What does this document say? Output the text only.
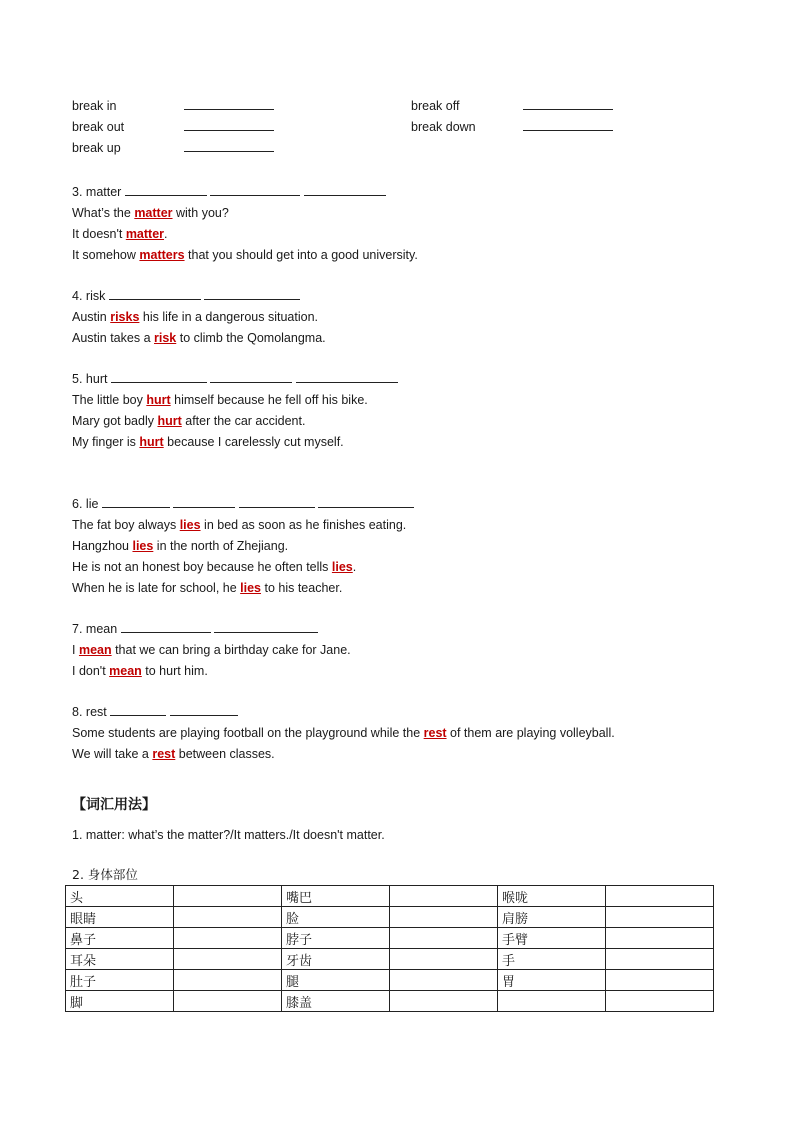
break in	break off
break out	break down
break up
3. matter
What’s the matter with you?
It doesn't matter.
It somehow matters that you should get into a good university.
4. risk
Austin risks his life in a dangerous situation.
Austin takes a risk to climb the Qomolangma.
5. hurt
The little boy hurt himself because he fell off his bike.
Mary got badly hurt after the car accident.
My finger is hurt because I carelessly cut myself.
6. lie
The fat boy always lies in bed as soon as he finishes eating.
Hangzhou lies in the north of Zhejiang.
He is not an honest boy because he often tells lies.
When he is late for school, he lies to his teacher.
7. mean
I mean that we can bring a birthday cake for Jane.
I don't mean to hurt him.
8. rest
Some students are playing football on the playground while the rest of them are playing volleyball.
We will take a rest between classes.
【词汇用法】
1. matter: what’s the matter?/It matters./It doesn't matter.
2. 身体部位
头		嘴巴		喉咙	
眼睛		脸		肩膀	
鼻子		脖子		手臂	
耳朵		牙齿		手	
肚子		腿		胃	
脚		膝盖			
